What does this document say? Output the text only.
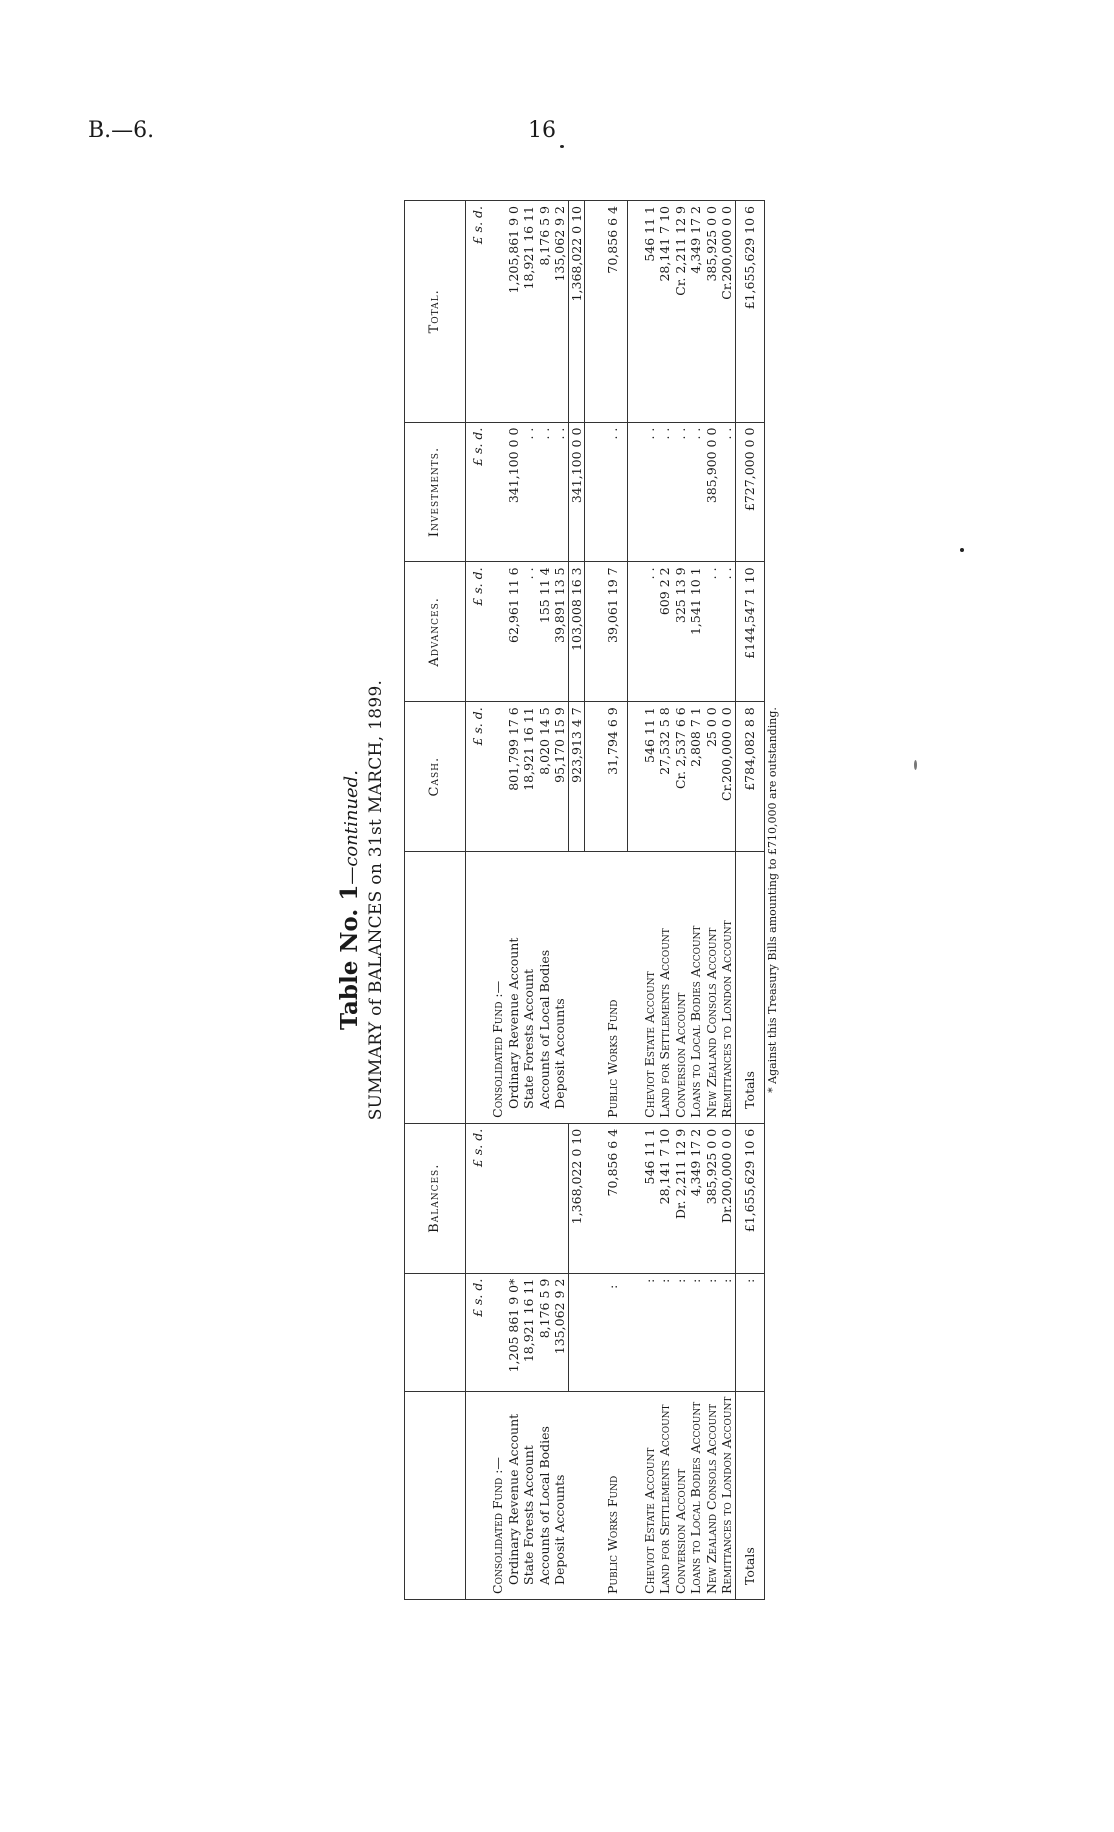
B.—6.	16
Table No. 1—continued. SUMMARY of BALANCES on 31st MARCH, 1899.
		Balances.		Cash.	Advances.	Investments.	Total.
	£ s. d.	£ s. d.		£ s. d.	£ s. d.	£ s. d.	£ s. d.
Consolidated Fund :—			Consolidated Fund :—				
Ordinary Revenue Account	1,205 861 9 0*		Ordinary Revenue Account	801,799 17 6	62,961 11 6	341,100 0 0	1,205,861 9 0
State Forests Account	18,921 16 11		State Forests Account	18,921 16 11	. .	. .	18,921 16 11
Accounts of Local Bodies	8,176 5 9		Accounts of Local Bodies	8,020 14 5	155 11 4	. .	8,176 5 9
Deposit Accounts	135,062 9 2		Deposit Accounts	95,170 15 9	39,891 13 5	. .	135,062 9 2
		1,368,022 0 10		923,913 4 7	103,008 16 3	341,100 0 0	1,368,022 0 10

Public Works Fund	:	70,856 6 4	Public Works Fund	31,794 6 9	39,061 19 7	. .	70,856 6 4

Cheviot Estate Account	:	546 11 1	Cheviot Estate Account	546 11 1	. .	. .	546 11 1
Land for Settlements Account	:	28,141 7 10	Land for Settlements Account	27,532 5 8	609 2 2	. .	28,141 7 10
Conversion Account	:	Dr. 2,211 12 9	Conversion Account	Cr. 2,537 6 6	325 13 9	. .	Cr. 2,211 12 9
Loans to Local Bodies Account	:	4,349 17 2	Loans to Local Bodies Account	2,808 7 1	1,541 10 1	. .	4,349 17 2
New Zealand Consols Account	:	385,925 0 0	New Zealand Consols Account	25 0 0	. .	385,900 0 0	385,925 0 0
Remittances to London Account	:	Dr.200,000 0 0	Remittances to London Account	Cr.200,000 0 0	. .	. .	Cr.200,000 0 0
Totals	:	£1,655,629 10 6	Totals	£784,082 8 8	£144,547 1 10	£727,000 0 0	£1,655,629 10 6
* Against this Treasury Bills amounting to £710,000 are outstanding.
